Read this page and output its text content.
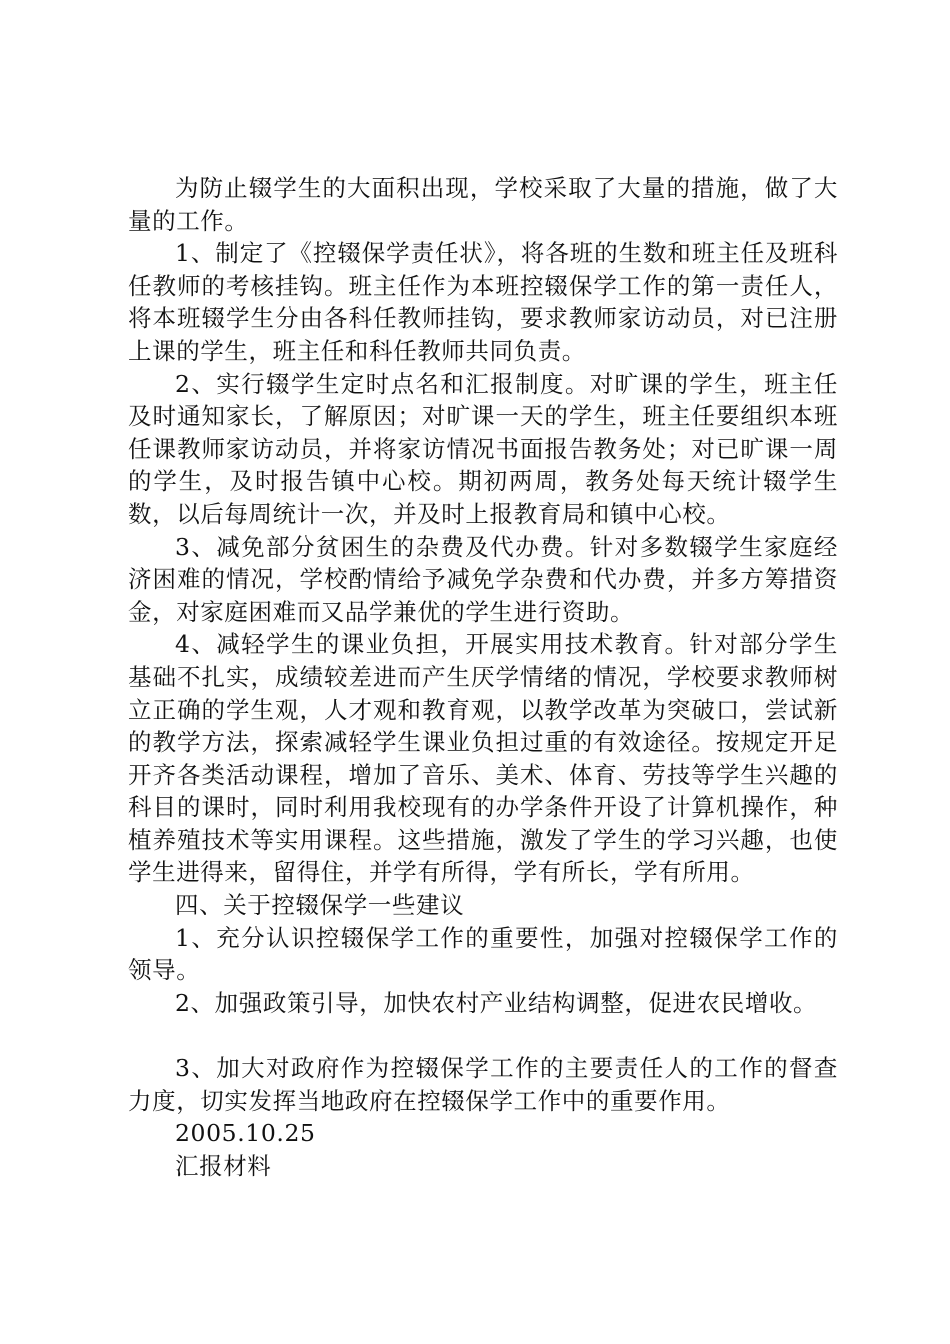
为防止辍学生的大面积出现，学校采取了大量的措施，做了大量的工作。

1、制定了《控辍保学责任状》，将各班的生数和班主任及班科任教师的考核挂钩。班主任作为本班控辍保学工作的第一责任人，将本班辍学生分由各科任教师挂钩，要求教师家访动员，对已注册上课的学生，班主任和科任教师共同负责。

2、实行辍学生定时点名和汇报制度。对旷课的学生，班主任及时通知家长，了解原因；对旷课一天的学生，班主任要组织本班任课教师家访动员，并将家访情况书面报告教务处；对已旷课一周的学生，及时报告镇中心校。期初两周，教务处每天统计辍学生数，以后每周统计一次，并及时上报教育局和镇中心校。

3、减免部分贫困生的杂费及代办费。针对多数辍学生家庭经济困难的情况，学校酌情给予减免学杂费和代办费，并多方筹措资金，对家庭困难而又品学兼优的学生进行资助。

4、减轻学生的课业负担，开展实用技术教育。针对部分学生基础不扎实，成绩较差进而产生厌学情绪的情况，学校要求教师树立正确的学生观，人才观和教育观，以教学改革为突破口，尝试新的教学方法，探索减轻学生课业负担过重的有效途径。按规定开足开齐各类活动课程，增加了音乐、美术、体育、劳技等学生兴趣的科目的课时，同时利用我校现有的办学条件开设了计算机操作，种植养殖技术等实用课程。这些措施，激发了学生的学习兴趣，也使学生进得来，留得住，并学有所得，学有所长，学有所用。

四、关于控辍保学一些建议

1、充分认识控辍保学工作的重要性，加强对控辍保学工作的领导。

2、加强政策引导，加快农村产业结构调整，促进农民增收。

3、加大对政府作为控辍保学工作的主要责任人的工作的督查力度，切实发挥当地政府在控辍保学工作中的重要作用。

2005.10.25

汇报材料
